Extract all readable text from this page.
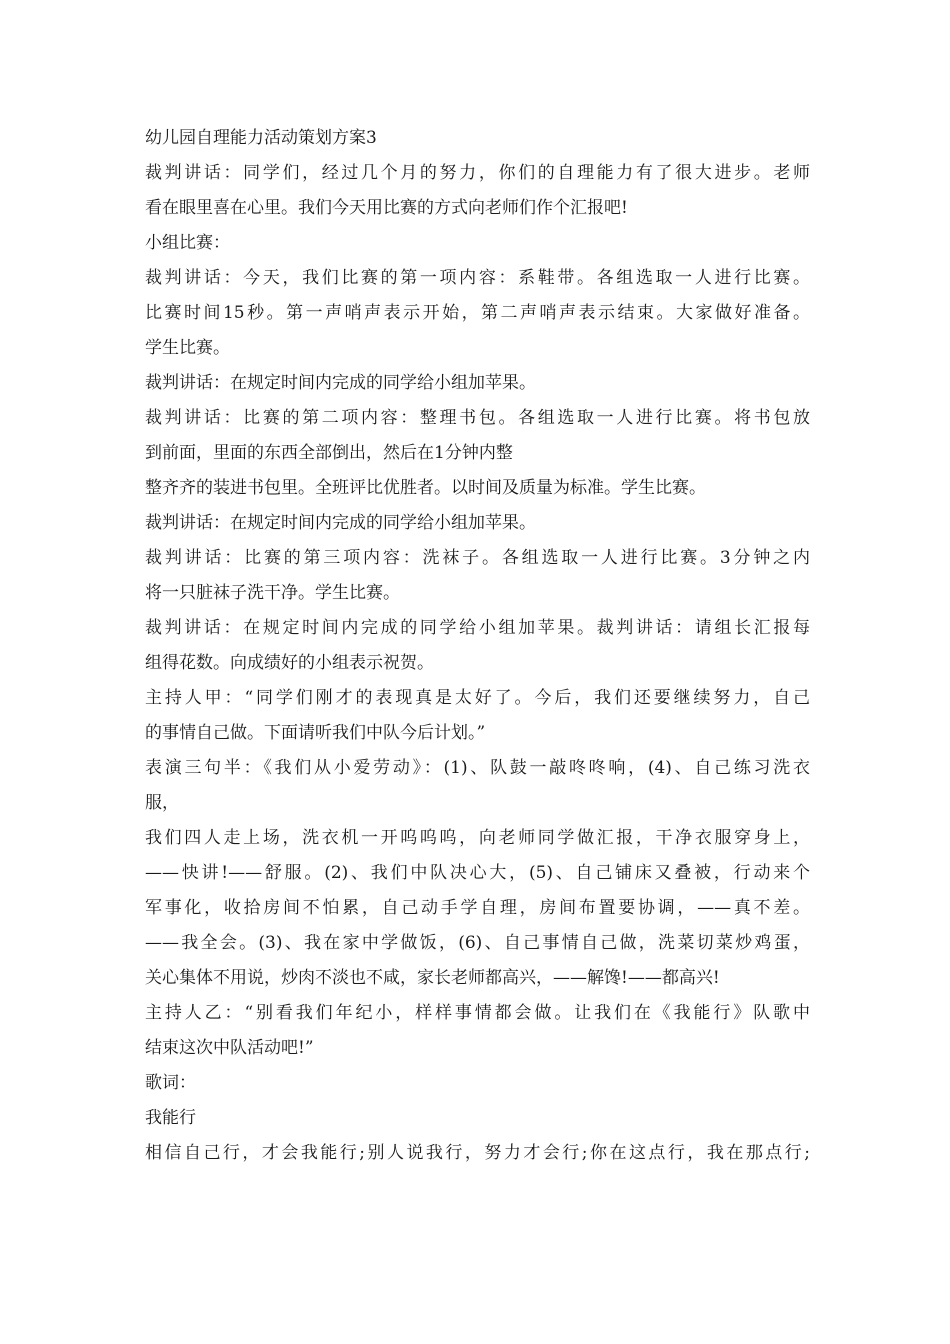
幼儿园自理能力活动策划方案3
裁判讲话：同学们，经过几个月的努力，你们的自理能力有了很大进步。老师
看在眼里喜在心里。我们今天用比赛的方式向老师们作个汇报吧!
小组比赛：
裁判讲话：今天，我们比赛的第一项内容：系鞋带。各组选取一人进行比赛。
比赛时间15秒。第一声哨声表示开始，第二声哨声表示结束。大家做好准备。
学生比赛。
裁判讲话：在规定时间内完成的同学给小组加苹果。
裁判讲话：比赛的第二项内容：整理书包。各组选取一人进行比赛。将书包放
到前面，里面的东西全部倒出，然后在1分钟内整
整齐齐的装进书包里。全班评比优胜者。以时间及质量为标准。学生比赛。
裁判讲话：在规定时间内完成的同学给小组加苹果。
裁判讲话：比赛的第三项内容：洗袜子。各组选取一人进行比赛。3分钟之内
将一只脏袜子洗干净。学生比赛。
裁判讲话：在规定时间内完成的同学给小组加苹果。裁判讲话：请组长汇报每
组得花数。向成绩好的小组表示祝贺。
主持人甲：“同学们刚才的表现真是太好了。今后，我们还要继续努力，自己
的事情自己做。下面请听我们中队今后计划。”
表演三句半：《我们从小爱劳动》：(1)、队鼓一敲咚咚响，(4)、自己练习洗衣
服，
我们四人走上场，洗衣机一开呜呜呜，向老师同学做汇报，干净衣服穿身上，
——快讲!——舒服。(2)、我们中队决心大，(5)、自己铺床又叠被，行动来个
军事化，收拾房间不怕累，自己动手学自理，房间布置要协调，——真不差。
——我全会。(3)、我在家中学做饭，(6)、自己事情自己做，洗菜切菜炒鸡蛋，
关心集体不用说，炒肉不淡也不咸，家长老师都高兴，——解馋!——都高兴!
主持人乙：“别看我们年纪小，样样事情都会做。让我们在《我能行》队歌中
结束这次中队活动吧!”
歌词：
我能行
相信自己行，才会我能行;别人说我行，努力才会行;你在这点行，我在那点行;
